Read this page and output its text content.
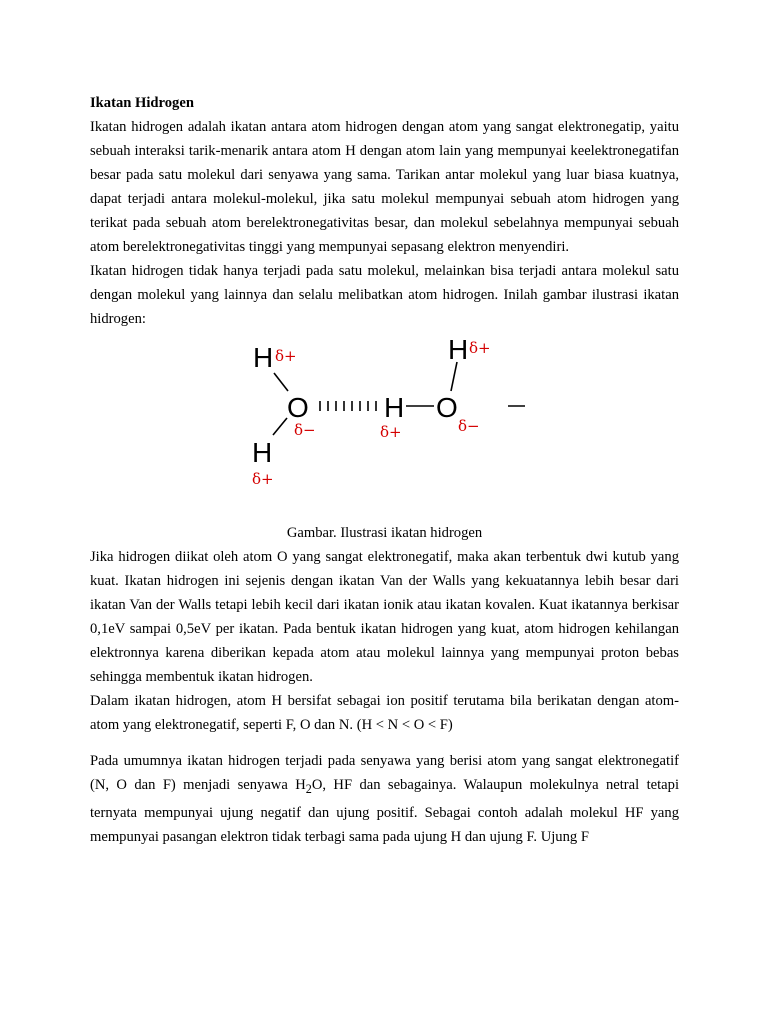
Ikatan Hidrogen

Ikatan hidrogen adalah ikatan antara atom hidrogen dengan atom yang sangat elektronegatip, yaitu sebuah interaksi tarik-menarik antara atom H dengan atom lain yang mempunyai keelektronegatifan besar pada satu molekul dari senyawa yang sama. Tarikan antar molekul yang luar biasa kuatnya, dapat terjadi antara molekul-molekul, jika satu molekul mempunyai sebuah atom hidrogen yang terikat pada sebuah atom berelektronegativitas besar, dan molekul sebelahnya mempunyai sebuah atom berelektronegativitas tinggi yang mempunyai sepasang elektron menyendiri.

Ikatan hidrogen tidak hanya terjadi pada satu molekul, melainkan bisa terjadi antara molekul satu dengan molekul yang lainnya dan selalu melibatkan atom hidrogen. Inilah gambar ilustrasi ikatan hidrogen:

H δ+
O
δ−
H
δ+
H
δ+
O
δ−
H δ+
Gambar. Ilustrasi ikatan hidrogen

Jika hidrogen diikat oleh atom O yang sangat elektronegatif, maka akan terbentuk dwi kutub yang kuat. Ikatan hidrogen ini sejenis dengan ikatan Van der Walls yang kekuatannya lebih besar dari ikatan Van der Walls tetapi lebih kecil dari ikatan ionik atau ikatan kovalen. Kuat ikatannya berkisar 0,1eV sampai 0,5eV per ikatan. Pada bentuk ikatan hidrogen yang kuat, atom hidrogen kehilangan elektronnya karena diberikan kepada atom atau molekul lainnya yang mempunyai proton bebas sehingga membentuk ikatan hidrogen.

Dalam ikatan hidrogen, atom H bersifat sebagai ion positif terutama bila berikatan dengan atom-atom yang elektronegatif, seperti F, O dan N. (H < N < O < F)

Pada umumnya ikatan hidrogen terjadi pada senyawa yang berisi atom yang sangat elektronegatif (N, O dan F) menjadi senyawa $H_2O$, HF dan sebagainya. Walaupun molekulnya netral tetapi ternyata mempunyai ujung negatif dan ujung positif. Sebagai contoh adalah molekul HF yang mempunyai pasangan elektron tidak terbagi sama pada ujung H dan ujung F. Ujung F
